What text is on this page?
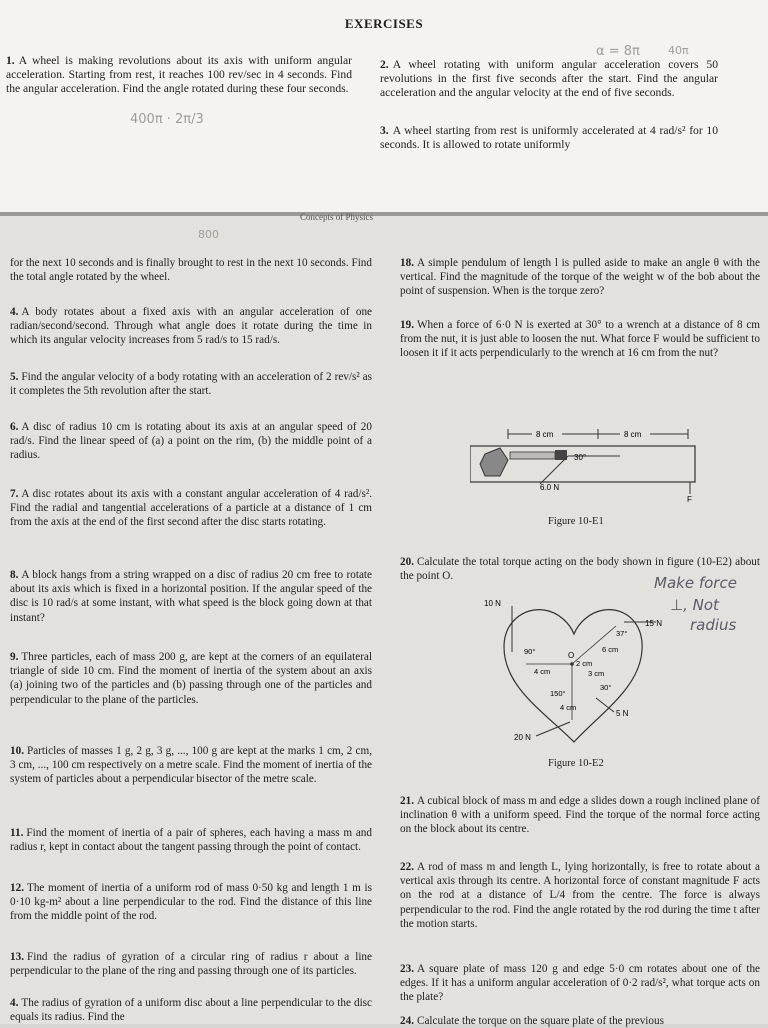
EXERCISES
1. A wheel is making revolutions about its axis with uniform angular acceleration. Starting from rest, it reaches 100 rev/sec in 4 seconds. Find the angular acceleration. Find the angle rotated during these four seconds.
2. A wheel rotating with uniform angular acceleration covers 50 revolutions in the first five seconds after the start. Find the angular acceleration and the angular velocity at the end of five seconds.
3. A wheel starting from rest is uniformly accelerated at 4 rad/s² for 10 seconds. It is allowed to rotate uniformly
400π · 2π/3
α = 8π	40π
Concepts of Physics
800
for the next 10 seconds and is finally brought to rest in the next 10 seconds. Find the total angle rotated by the wheel.
4. A body rotates about a fixed axis with an angular acceleration of one radian/second/second. Through what angle does it rotate during the time in which its angular velocity increases from 5 rad/s to 15 rad/s.
5. Find the angular velocity of a body rotating with an acceleration of 2 rev/s² as it completes the 5th revolution after the start.
6. A disc of radius 10 cm is rotating about its axis at an angular speed of 20 rad/s. Find the linear speed of (a) a point on the rim, (b) the middle point of a radius.
7. A disc rotates about its axis with a constant angular acceleration of 4 rad/s². Find the radial and tangential accelerations of a particle at a distance of 1 cm from the axis at the end of the first second after the disc starts rotating.
8. A block hangs from a string wrapped on a disc of radius 20 cm free to rotate about its axis which is fixed in a horizontal position. If the angular speed of the disc is 10 rad/s at some instant, with what speed is the block going down at that instant?
9. Three particles, each of mass 200 g, are kept at the corners of an equilateral triangle of side 10 cm. Find the moment of inertia of the system about an axis (a) joining two of the particles and (b) passing through one of the particles and perpendicular to the plane of the particles.
10. Particles of masses 1 g, 2 g, 3 g, ..., 100 g are kept at the marks 1 cm, 2 cm, 3 cm, ..., 100 cm respectively on a metre scale. Find the moment of inertia of the system of particles about a perpendicular bisector of the metre scale.
11. Find the moment of inertia of a pair of spheres, each having a mass m and radius r, kept in contact about the tangent passing through the point of contact.
12. The moment of inertia of a uniform rod of mass 0·50 kg and length 1 m is 0·10 kg-m² about a line perpendicular to the rod. Find the distance of this line from the middle point of the rod.
13. Find the radius of gyration of a circular ring of radius r about a line perpendicular to the plane of the ring and passing through one of its particles.
4. The radius of gyration of a uniform disc about a line perpendicular to the disc equals its radius. Find the
18. A simple pendulum of length l is pulled aside to make an angle θ with the vertical. Find the magnitude of the torque of the weight w of the bob about the point of suspension. When is the torque zero?
19. When a force of 6·0 N is exerted at 30° to a wrench at a distance of 8 cm from the nut, it is just able to loosen the nut. What force F would be sufficient to loosen it if it acts perpendicularly to the wrench at 16 cm from the nut?
20. Calculate the total torque acting on the body shown in figure (10-E2) about the point O.
21. A cubical block of mass m and edge a slides down a rough inclined plane of inclination θ with a uniform speed. Find the torque of the normal force acting on the block about its centre.
22. A rod of mass m and length L, lying horizontally, is free to rotate about a vertical axis through its centre. A horizontal force of constant magnitude F acts on the rod at a distance of L/4 from the centre. The force is always perpendicular to the rod. Find the angle rotated by the rod during the time t after the motion starts.
23. A square plate of mass 120 g and edge 5·0 cm rotates about one of the edges. If it has a uniform angular acceleration of 0·2 rad/s², what torque acts on the plate?
24. Calculate the torque on the square plate of the previous
8 cm	8 cm
30°
6.0 N
F
Figure 10-E1
10 N
15 N
5 N
20 N
37°
90°
30°
150°
O
6 cm
4 cm	3 cm
4 cm
2 cm
Figure 10-E2
Make force
⊥, Not
radius
